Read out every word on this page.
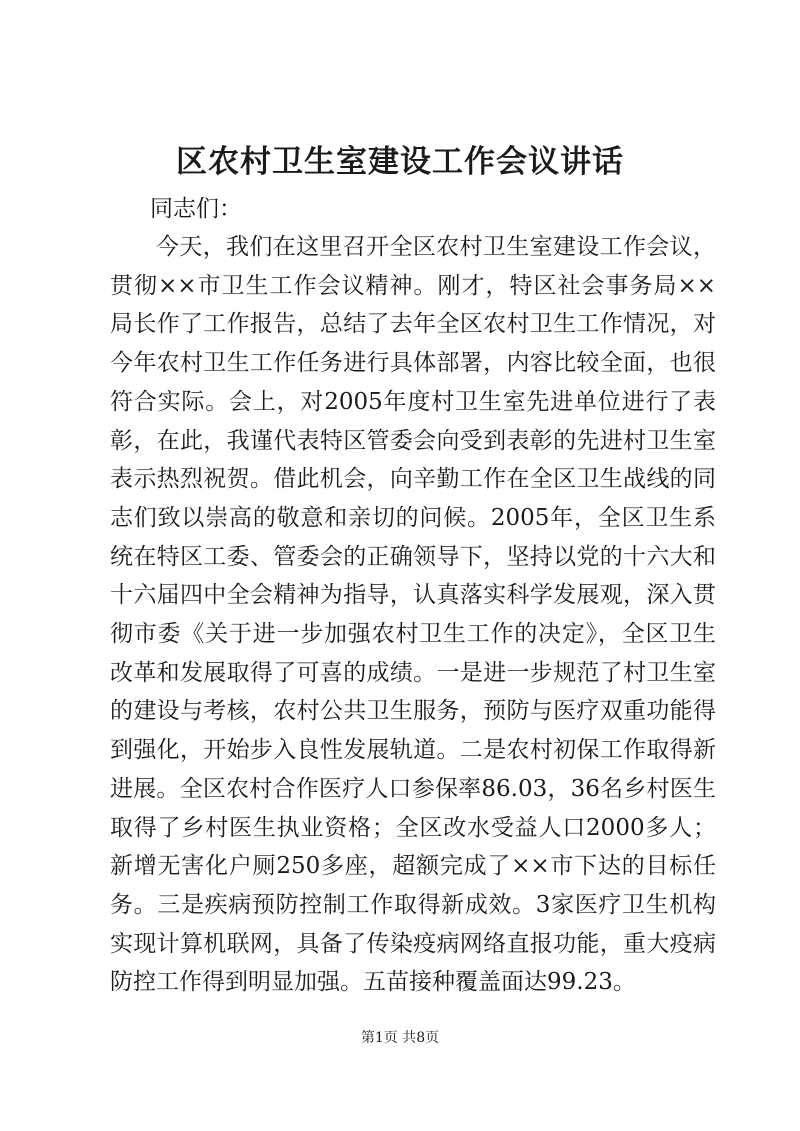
区农村卫生室建设工作会议讲话

同志们：

今天，我们在这里召开全区农村卫生室建设工作会议，贯彻××市卫生工作会议精神。刚才，特区社会事务局××局长作了工作报告，总结了去年全区农村卫生工作情况，对今年农村卫生工作任务进行具体部署，内容比较全面，也很符合实际。会上，对2005年度村卫生室先进单位进行了表彰，在此，我谨代表特区管委会向受到表彰的先进村卫生室表示热烈祝贺。借此机会，向辛勤工作在全区卫生战线的同志们致以崇高的敬意和亲切的问候。2005年，全区卫生系统在特区工委、管委会的正确领导下，坚持以党的十六大和十六届四中全会精神为指导，认真落实科学发展观，深入贯彻市委《关于进一步加强农村卫生工作的决定》，全区卫生改革和发展取得了可喜的成绩。一是进一步规范了村卫生室的建设与考核，农村公共卫生服务，预防与医疗双重功能得到强化，开始步入良性发展轨道。二是农村初保工作取得新进展。全区农村合作医疗人口参保率86.03，36名乡村医生取得了乡村医生执业资格；全区改水受益人口2000多人；新增无害化户厕250多座，超额完成了××市下达的目标任务。三是疾病预防控制工作取得新成效。3家医疗卫生机构实现计算机联网，具备了传染疫病网络直报功能，重大疫病防控工作得到明显加强。五苗接种覆盖面达99.23。

第1页 共8页
